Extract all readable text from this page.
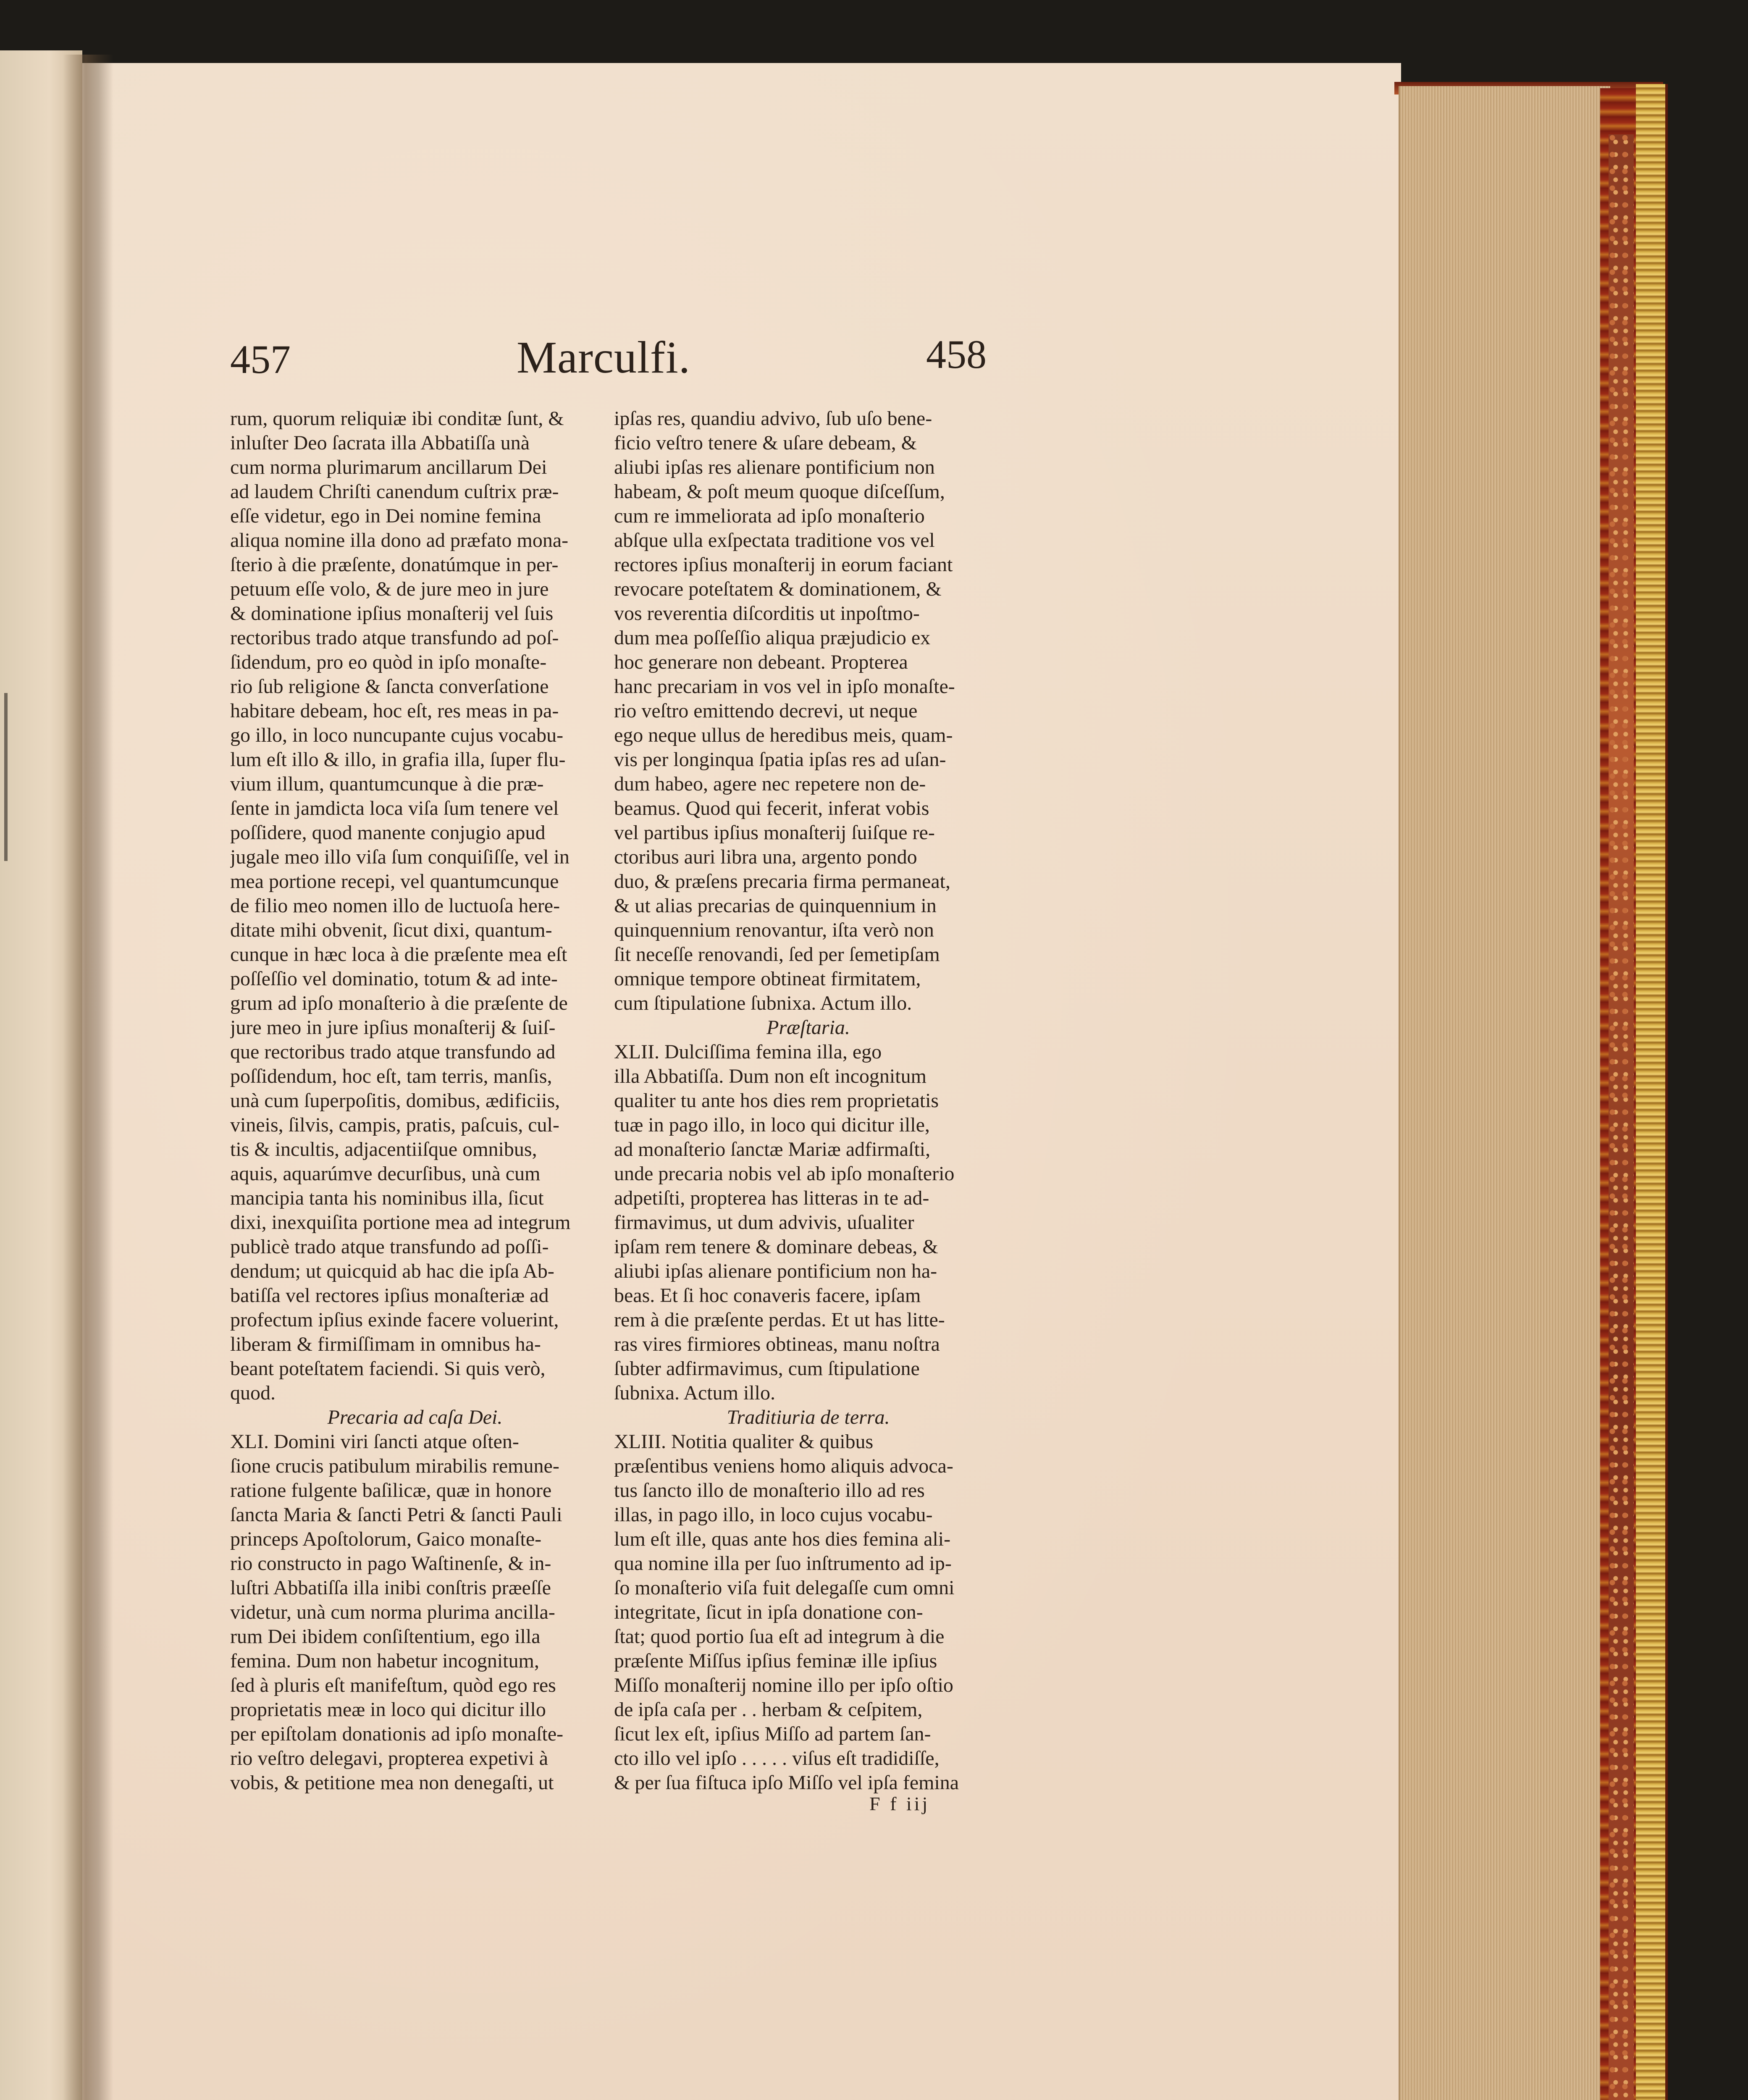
457	Marculfi.	458
rum, quorum reliquiæ ibi conditæ ſunt, &
inluſter Deo ſacrata illa Abbatiſſa unà
cum norma plurimarum ancillarum Dei
ad laudem Chriſti canendum cuſtrix præ-
eſſe videtur, ego in Dei nomine femina
aliqua nomine illa dono ad præfato mona-
ſterio à die præſente, donatúmque in per-
petuum eſſe volo, & de jure meo in jure
& dominatione ipſius monaſterij vel ſuis
rectoribus trado atque transfundo ad poſ-
ſidendum, pro eo quòd in ipſo monaſte-
rio ſub religione & ſancta converſatione
habitare debeam, hoc eſt, res meas in pa-
go illo, in loco nuncupante cujus vocabu-
lum eſt illo & illo, in grafia illa, ſuper flu-
vium illum, quantumcunque à die præ-
ſente in jamdicta loca viſa ſum tenere vel
poſſidere, quod manente conjugio apud
jugale meo illo viſa ſum conquiſiſſe, vel in
mea portione recepi, vel quantumcunque
de filio meo nomen illo de luctuoſa here-
ditate mihi obvenit, ſicut dixi, quantum-
cunque in hæc loca à die præſente mea eſt
poſſeſſio vel dominatio, totum & ad inte-
grum ad ipſo monaſterio à die præſente de
jure meo in jure ipſius monaſterij & ſuiſ-
que rectoribus trado atque transfundo ad
poſſidendum, hoc eſt, tam terris, manſis,
unà cum ſuperpoſitis, domibus, ædificiis,
vineis, ſilvis, campis, pratis, paſcuis, cul-
tis & incultis, adjacentiiſque omnibus,
aquis, aquarúmve decurſibus, unà cum
mancipia tanta his nominibus illa, ſicut
dixi, inexquiſita portione mea ad integrum
publicè trado atque transfundo ad poſſi-
dendum; ut quicquid ab hac die ipſa Ab-
batiſſa vel rectores ipſius monaſteriæ ad
profectum ipſius exinde facere voluerint,
liberam & firmiſſimam in omnibus ha-
beant poteſtatem faciendi. Si quis verò,
quod.
Precaria ad caſa Dei.
XLI. Domini viri ſancti atque oſten-
ſione crucis patibulum mirabilis remune-
ratione fulgente baſilicæ, quæ in honore
ſancta Maria & ſancti Petri & ſancti Pauli
princeps Apoſtolorum, Gaico monaſte-
rio constructo in pago Waſtinenſe, & in-
luſtri Abbatiſſa illa inibi conſtris præeſſe
videtur, unà cum norma plurima ancilla-
rum Dei ibidem conſiſtentium, ego illa
femina. Dum non habetur incognitum,
ſed à pluris eſt manifeſtum, quòd ego res
proprietatis meæ in loco qui dicitur illo
per epiſtolam donationis ad ipſo monaſte-
rio veſtro delegavi, propterea expetivi à
vobis, & petitione mea non denegaſti, ut
ipſas res, quandiu advivo, ſub uſo bene-
ficio veſtro tenere & uſare debeam, &
aliubi ipſas res alienare pontificium non
habeam, & poſt meum quoque diſceſſum,
cum re immeliorata ad ipſo monaſterio
abſque ulla exſpectata traditione vos vel
rectores ipſius monaſterij in eorum faciant
revocare poteſtatem & dominationem, &
vos reverentia diſcorditis ut inpoſtmo-
dum mea poſſeſſio aliqua præjudicio ex
hoc generare non debeant. Propterea
hanc precariam in vos vel in ipſo monaſte-
rio veſtro emittendo decrevi, ut neque
ego neque ullus de heredibus meis, quam-
vis per longinqua ſpatia ipſas res ad uſan-
dum habeo, agere nec repetere non de-
beamus. Quod qui fecerit, inferat vobis
vel partibus ipſius monaſterij ſuiſque re-
ctoribus auri libra una, argento pondo
duo, & præſens precaria firma permaneat,
& ut alias precarias de quinquennium in
quinquennium renovantur, iſta verò non
ſit neceſſe renovandi, ſed per ſemetipſam
omnique tempore obtineat firmitatem,
cum ſtipulatione ſubnixa. Actum illo.
Præſtaria.
XLII. Dulciſſima femina illa, ego
illa Abbatiſſa. Dum non eſt incognitum
qualiter tu ante hos dies rem proprietatis
tuæ in pago illo, in loco qui dicitur ille,
ad monaſterio ſanctæ Mariæ adfirmaſti,
unde precaria nobis vel ab ipſo monaſterio
adpetiſti, propterea has litteras in te ad-
firmavimus, ut dum advivis, uſualiter
ipſam rem tenere & dominare debeas, &
aliubi ipſas alienare pontificium non ha-
beas. Et ſi hoc conaveris facere, ipſam
rem à die præſente perdas. Et ut has litte-
ras vires firmiores obtineas, manu noſtra
ſubter adfirmavimus, cum ſtipulatione
ſubnixa. Actum illo.
Traditiuria de terra.
XLIII. Notitia qualiter & quibus
præſentibus veniens homo aliquis advoca-
tus ſancto illo de monaſterio illo ad res
illas, in pago illo, in loco cujus vocabu-
lum eſt ille, quas ante hos dies femina ali-
qua nomine illa per ſuo inſtrumento ad ip-
ſo monaſterio viſa fuit delegaſſe cum omni
integritate, ſicut in ipſa donatione con-
ſtat; quod portio ſua eſt ad integrum à die
præſente Miſſus ipſius feminæ ille ipſius
Miſſo monaſterij nomine illo per ipſo oſtio
de ipſa caſa per . . herbam & ceſpitem,
ſicut lex eſt, ipſius Miſſo ad partem ſan-
cto illo vel ipſo . . . . . viſus eſt tradidiſſe,
& per ſua fiſtuca ipſo Miſſo vel ipſa femina
F f iij
